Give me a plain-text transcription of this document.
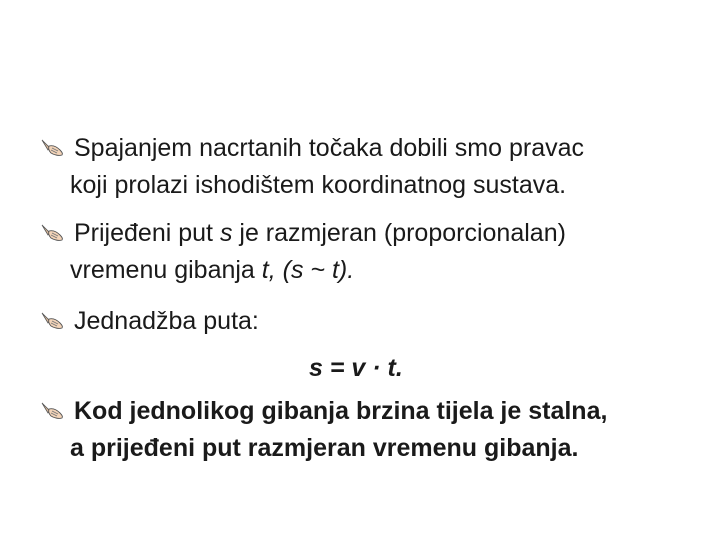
Spajanjem nacrtanih točaka dobili smo pravac
koji prolazi ishodištem koordinatnog sustava.
Prijeđeni put s je razmjeran (proporcionalan)
vremenu gibanja t, (s ~ t).
Jednadžba puta:
s = v · t.
Kod jednolikog gibanja brzina tijela je stalna,
a prijeđeni put razmjeran vremenu gibanja.
